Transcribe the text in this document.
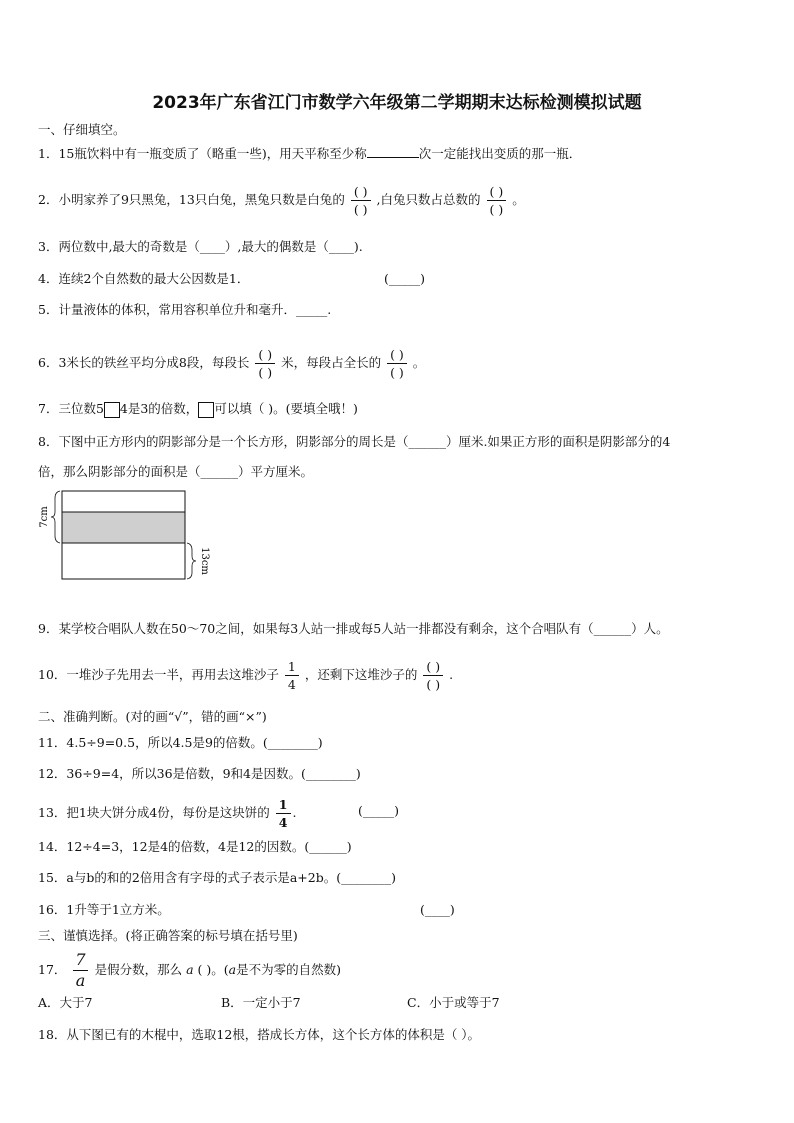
2023年广东省江门市数学六年级第二学期期末达标检测模拟试题
一、仔细填空。
1．15瓶饮料中有一瓶变质了（略重一些)，用天平称至少称	次一定能找出变质的那一瓶．
2．小明家养了9只黑兔，13只白兔，黑兔只数是白兔的 $\frac{( )}{( )}$ ,白兔只数占总数的 $\frac{( )}{( )}$ 。
3．两位数中,最大的奇数是（____）,最大的偶数是（____).
4．连续2个自然数的最大公因数是1．	(_____)
5．计量液体的体积，常用容积单位升和毫升．_____.
6．3米长的铁丝平均分成8段，每段长 $\frac{( )}{( )}$ 米，每段占全长的 $\frac{( )}{( )}$ 。
7．三位数5 4是3的倍数， 可以填（ )。(要填全哦！)
8．下图中正方形内的阴影部分是一个长方形，阴影部分的周长是（______）厘米.如果正方形的面积是阴影部分的4
倍，那么阴影部分的面积是（______）平方厘米。
7cm
13cm
9．某学校合唱队人数在50～70之间，如果每3人站一排或每5人站一排都没有剩余，这个合唱队有（______）人。
10．一堆沙子先用去一半，再用去这堆沙子 $\frac{1}{4}$ ，还剩下这堆沙子的 $\frac{( )}{( )}$ .
二、准确判断。(对的画“√”，错的画“×”)
11．4.5÷9=0.5，所以4.5是9的倍数。(________)
12．36÷9=4，所以36是倍数，9和4是因数。(________)
13．把1块大饼分成4份，每份是这块饼的 $\frac{1}{4}$ .	(_____)
14．12÷4=3，12是4的倍数，4是12的因数。(______)
15．a与b的和的2倍用含有字母的式子表示是a+2b。(________)
16．1升等于1立方米。	(____)
三、谨慎选择。(将正确答案的标号填在括号里)
17． $\frac{7}{a}$ 是假分数，那么 a ( )。(a是不为零的自然数)
A．大于7	B．一定小于7	C．小于或等于7
18．从下图已有的木棍中，选取12根，搭成长方体，这个长方体的体积是（ ）。
